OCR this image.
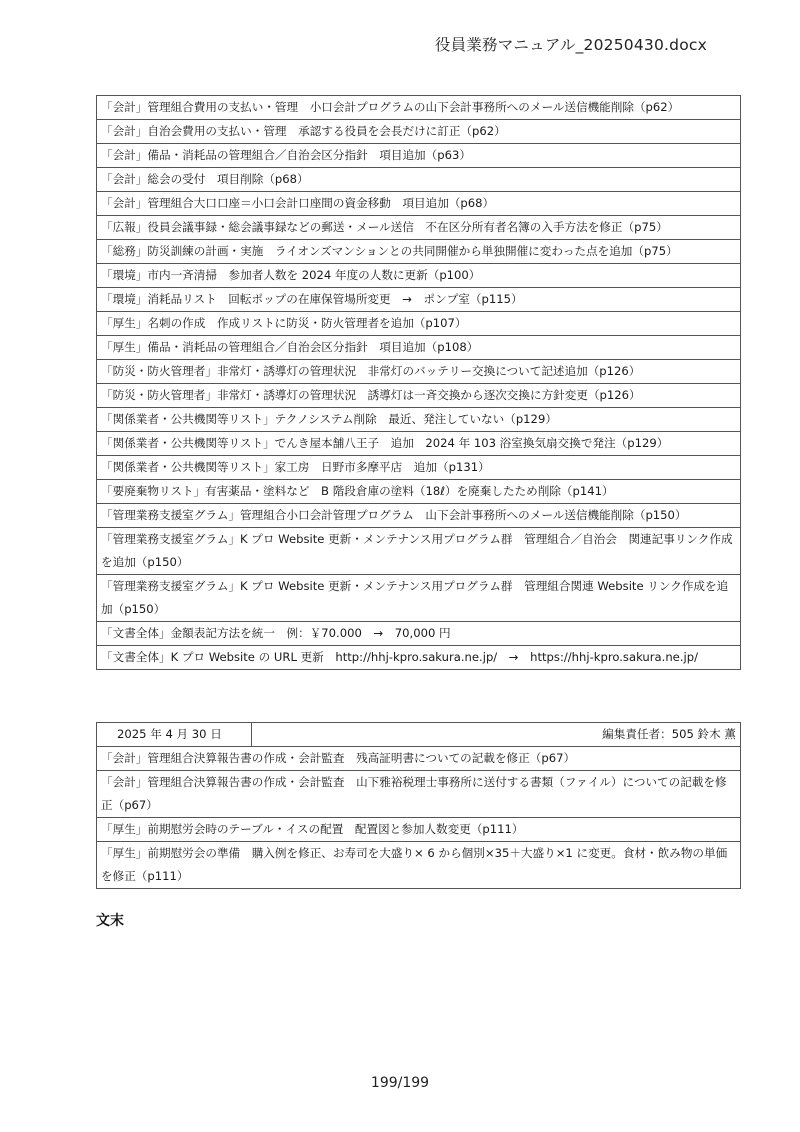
役員業務マニュアル_20250430.docx
「会計」管理組合費用の支払い・管理　小口会計プログラムの山下会計事務所へのメール送信機能削除（p62）
「会計」自治会費用の支払い・管理　承認する役員を会長だけに訂正（p62）
「会計」備品・消耗品の管理組合／自治会区分指針　項目追加（p63）
「会計」総会の受付　項目削除（p68）
「会計」管理組合大口口座＝小口会計口座間の資金移動　項目追加（p68）
「広報」役員会議事録・総会議事録などの郵送・メール送信　不在区分所有者名簿の入手方法を修正（p75）
「総務」防災訓練の計画・実施　ライオンズマンションとの共同開催から単独開催に変わった点を追加（p75）
「環境」市内一斉清掃　参加者人数を 2024 年度の人数に更新（p100）
「環境」消耗品リスト　回転ポップの在庫保管場所変更　→　ポンプ室（p115）
「厚生」名刺の作成　作成リストに防災・防火管理者を追加（p107）
「厚生」備品・消耗品の管理組合／自治会区分指針　項目追加（p108）
「防災・防火管理者」非常灯・誘導灯の管理状況　非常灯のバッテリー交換について記述追加（p126）
「防災・防火管理者」非常灯・誘導灯の管理状況　誘導灯は一斉交換から逐次交換に方針変更（p126）
「関係業者・公共機関等リスト」テクノシステム削除　最近、発注していない（p129）
「関係業者・公共機関等リスト」でんき屋本舗八王子　追加　2024 年 103 浴室換気扇交換で発注（p129）
「関係業者・公共機関等リスト」家工房　日野市多摩平店　追加（p131）
「要廃棄物リスト」有害薬品・塗料など　B 階段倉庫の塗料（18ℓ）を廃棄したため削除（p141）
「管理業務支援室グラム」管理組合小口会計管理プログラム　山下会計事務所へのメール送信機能削除（p150）
「管理業務支援室グラム」K プロ Website 更新・メンテナンス用プログラム群　管理組合／自治会　関連記事リンク作成を追加（p150）
「管理業務支援室グラム」K プロ Website 更新・メンテナンス用プログラム群　管理組合関連 Website リンク作成を追加（p150）
「文書全体」金額表記方法を統一　例：￥70.000　→　70,000 円
「文書全体」K プロ Website の URL 更新　http://hhj-kpro.sakura.ne.jp/　→　https://hhj-kpro.sakura.ne.jp/
2025 年 4 月 30 日	編集責任者：505 鈴木 薫
「会計」管理組合決算報告書の作成・会計監査　残高証明書についての記載を修正（p67）
「会計」管理組合決算報告書の作成・会計監査　山下雅裕税理士事務所に送付する書類（ファイル）についての記載を修正（p67）
「厚生」前期慰労会時のテーブル・イスの配置　配置図と参加人数変更（p111）
「厚生」前期慰労会の準備　購入例を修正、お寿司を大盛り× 6 から個別×35＋大盛り×1 に変更。食材・飲み物の単価を修正（p111）
文末
199/199
